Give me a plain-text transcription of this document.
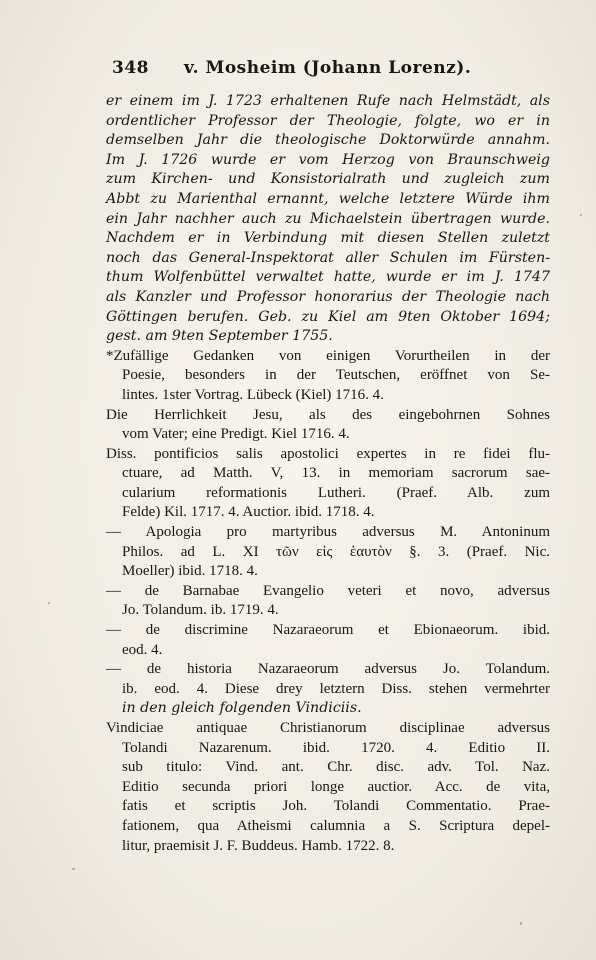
348 v. Mosheim (Johann Lorenz).
er einem im J. 1723 erhaltenen Rufe nach Helmstädt, als
ordentlicher Professor der Theologie, folgte, wo er in
demselben Jahr die theologische Doktorwürde annahm.
Im J. 1726 wurde er vom Herzog von Braunschweig
zum Kirchen- und Konsistorialrath und zugleich zum
Abbt zu Marienthal ernannt, welche letztere Würde ihm
ein Jahr nachher auch zu Michaelstein übertragen wurde.
Nachdem er in Verbindung mit diesen Stellen zuletzt
noch das General-Inspektorat aller Schulen im Fürsten-
thum Wolfenbüttel verwaltet hatte, wurde er im J. 1747
als Kanzler und Professor honorarius der Theologie nach
Göttingen berufen. Geb. zu Kiel am 9ten Oktober 1694;
gest. am 9ten September 1755.
*Zufällige Gedanken von einigen Vorurtheilen in der
Poesie, besonders in der Teutschen, eröffnet von Se-
lintes. 1ster Vortrag. Lübeck (Kiel) 1716. 4.
Die Herrlichkeit Jesu, als des eingebohrnen Sohnes
vom Vater; eine Predigt. Kiel 1716. 4.
Diss. pontificios salis apostolici expertes in re fidei flu-
ctuare, ad Matth. V, 13. in memoriam sacrorum sae-
cularium reformationis Lutheri. (Praef. Alb. zum
Felde) Kil. 1717. 4. Auctior. ibid. 1718. 4.
— Apologia pro martyribus adversus M. Antoninum
Philos. ad L. XI τῶν εἰς ἑαυτὸν §. 3. (Praef. Nic.
Moeller) ibid. 1718. 4.
— de Barnabae Evangelio veteri et novo, adversus
Jo. Tolandum. ib. 1719. 4.
— de discrimine Nazaraeorum et Ebionaeorum. ibid.
eod. 4.
— de historia Nazaraeorum adversus Jo. Tolandum.
ib. eod. 4. Diese drey letztern Diss. stehen vermehrter
in den gleich folgenden Vindiciis.
Vindiciae antiquae Christianorum disciplinae adversus
Tolandi Nazarenum. ibid. 1720. 4. Editio II.
sub titulo: Vind. ant. Chr. disc. adv. Tol. Naz.
Editio secunda priori longe auctior. Acc. de vita,
fatis et scriptis Joh. Tolandi Commentatio. Prae-
fationem, qua Atheismi calumnia a S. Scriptura depel-
litur, praemisit J. F. Buddeus. Hamb. 1722. 8.
